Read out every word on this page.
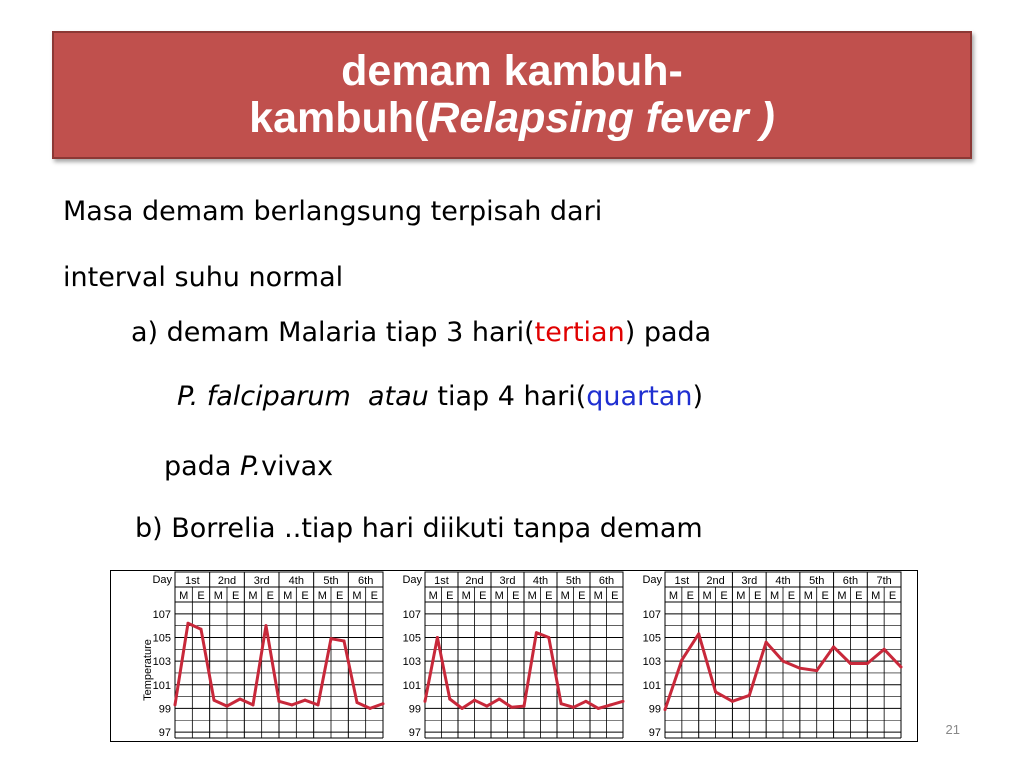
demam kambuh-
kambuh(Relapsing fever )
Masa demam berlangsung terpisah dari
interval suhu normal
a) demam Malaria tiap 3 hari(tertian) pada
P. falciparum atau tiap 4 hari(quartan)
pada P.vivax
b) Borrelia ..tiap hari diikuti tanpa demam
Day 1st
M E
2nd
M E
3rd
M E
4th
M E
5th
M E
6th
M E
107
105
103
101
99
97
Temperature
Day 1st
M E
2nd
M E
3rd
M E
4th
M E
5th
M E
6th
M E
107
105
103
101
99
97
Day 1st
M E
2nd
M E
3rd
M E
4th
M E
5th
M E
6th
M E
7th
M E
107
105
103
101
99
97	21
